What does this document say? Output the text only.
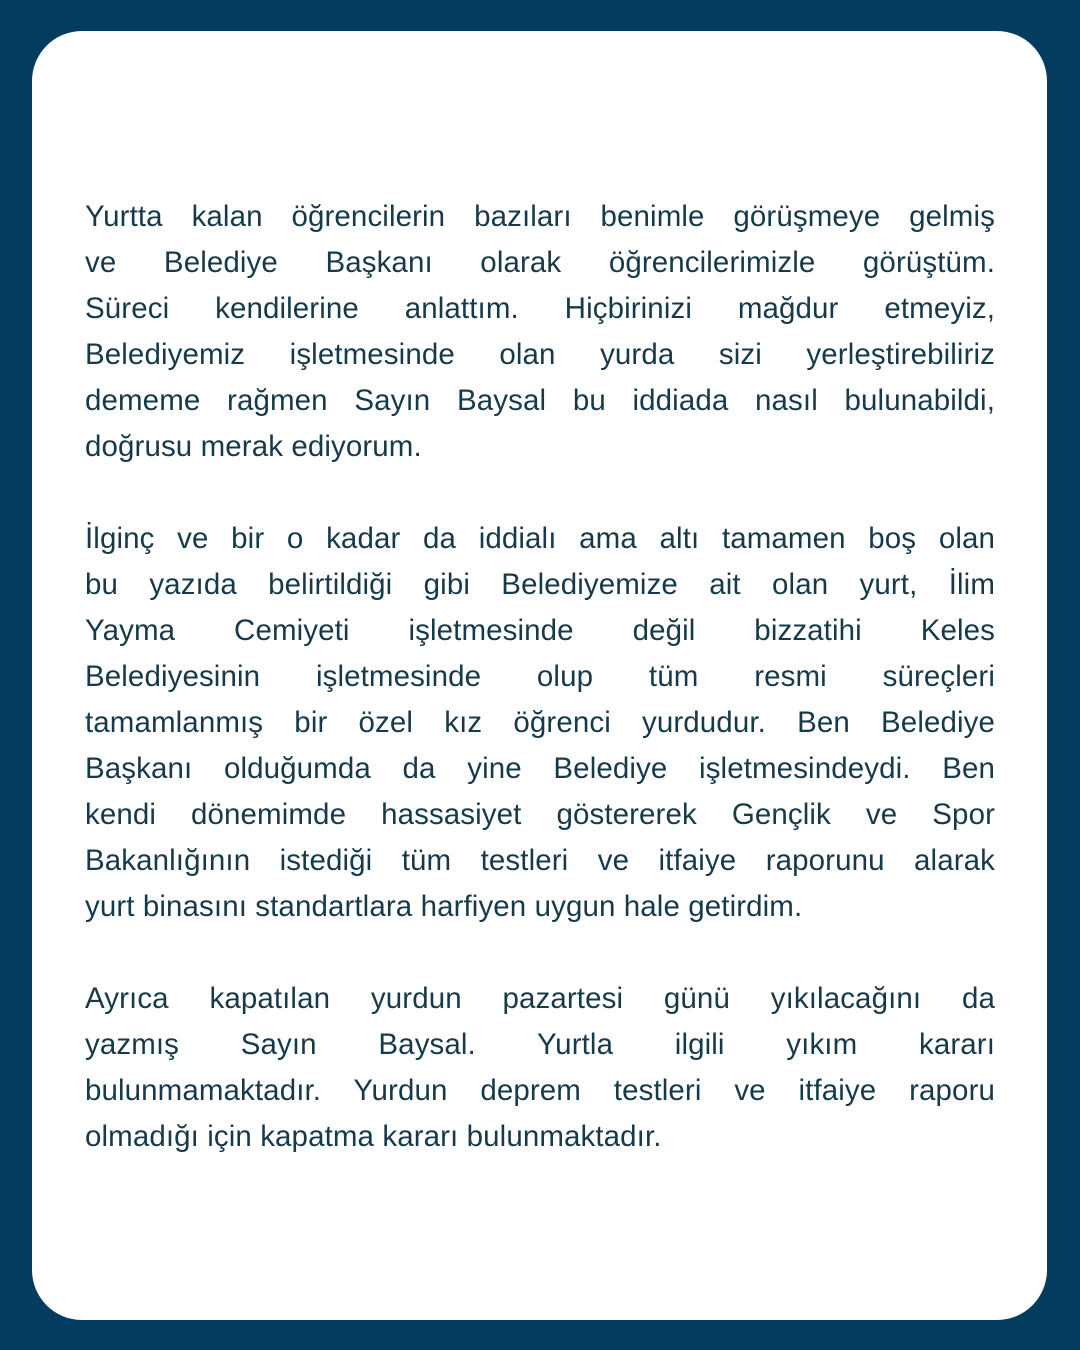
Yurtta kalan öğrencilerin bazıları benimle görüşmeye gelmiş
ve Belediye Başkanı olarak öğrencilerimizle görüştüm.
Süreci kendilerine anlattım. Hiçbirinizi mağdur etmeyiz,
Belediyemiz işletmesinde olan yurda sizi yerleştirebiliriz
dememe rağmen Sayın Baysal bu iddiada nasıl bulunabildi,
doğrusu merak ediyorum.

İlginç ve bir o kadar da iddialı ama altı tamamen boş olan
bu yazıda belirtildiği gibi Belediyemize ait olan yurt, İlim
Yayma Cemiyeti işletmesinde değil bizzatihi Keles
Belediyesinin işletmesinde olup tüm resmi süreçleri
tamamlanmış bir özel kız öğrenci yurdudur. Ben Belediye
Başkanı olduğumda da yine Belediye işletmesindeydi. Ben
kendi dönemimde hassasiyet göstererek Gençlik ve Spor
Bakanlığının istediği tüm testleri ve itfaiye raporunu alarak
yurt binasını standartlara harfiyen uygun hale getirdim.

Ayrıca kapatılan yurdun pazartesi günü yıkılacağını da
yazmış Sayın Baysal. Yurtla ilgili yıkım kararı
bulunmamaktadır. Yurdun deprem testleri ve itfaiye raporu
olmadığı için kapatma kararı bulunmaktadır.
